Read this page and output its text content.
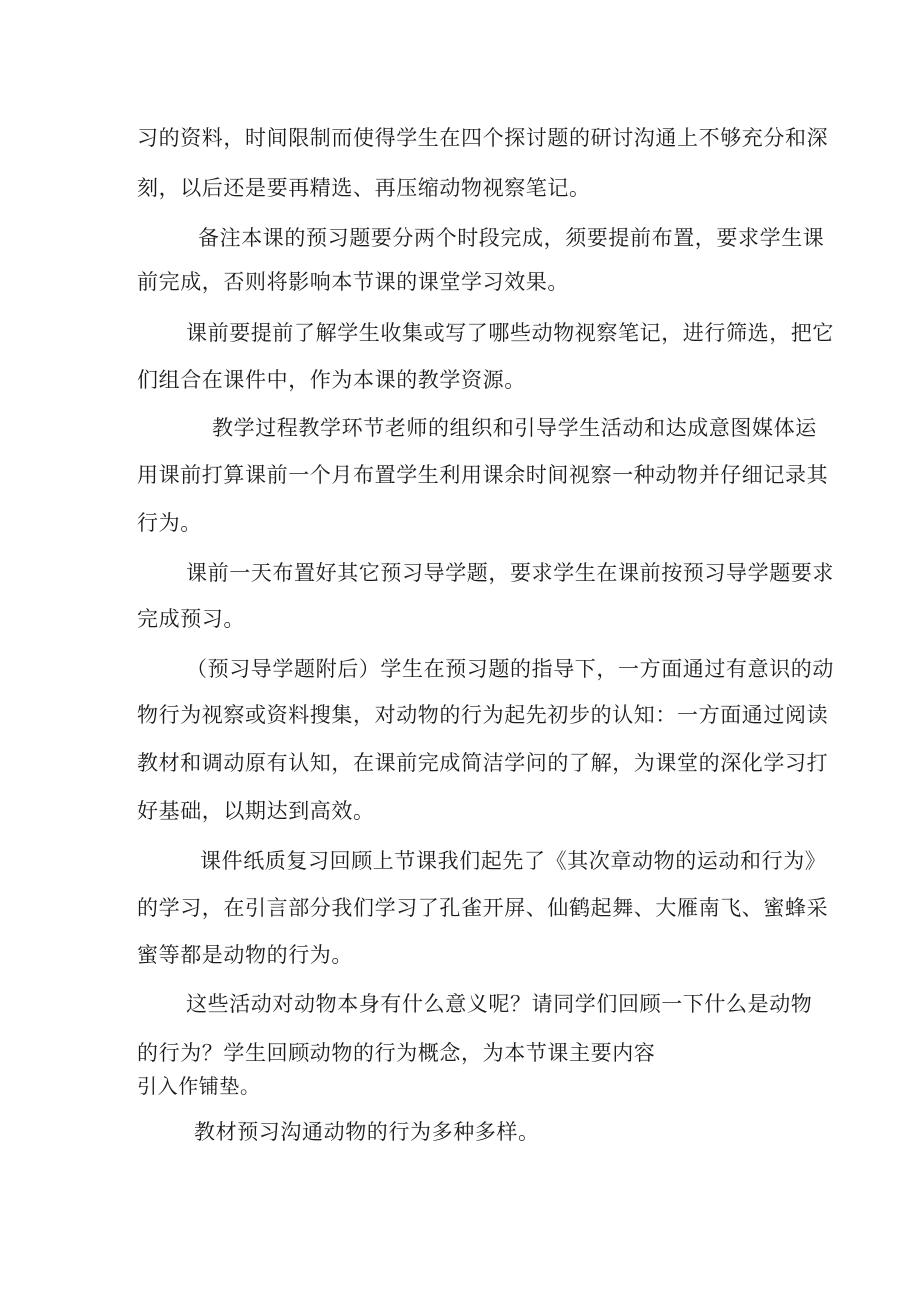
习的资料，时间限制而使得学生在四个探讨题的研讨沟通上不够充分和深

刻，以后还是要再精选、再压缩动物视察笔记。

备注本课的预习题要分两个时段完成，须要提前布置，要求学生课

前完成，否则将影响本节课的课堂学习效果。

课前要提前了解学生收集或写了哪些动物视察笔记，进行筛选，把它

们组合在课件中，作为本课的教学资源。

教学过程教学环节老师的组织和引导学生活动和达成意图媒体运

用课前打算课前一个月布置学生利用课余时间视察一种动物并仔细记录其

行为。

课前一天布置好其它预习导学题，要求学生在课前按预习导学题要求

完成预习。

（预习导学题附后）学生在预习题的指导下，一方面通过有意识的动

物行为视察或资料搜集，对动物的行为起先初步的认知：一方面通过阅读

教材和调动原有认知，在课前完成简洁学问的了解，为课堂的深化学习打

好基础，以期达到高效。

课件纸质复习回顾上节课我们起先了《其次章动物的运动和行为》

的学习，在引言部分我们学习了孔雀开屏、仙鹤起舞、大雁南飞、蜜蜂采

蜜等都是动物的行为。

这些活动对动物本身有什么意义呢？请同学们回顾一下什么是动物

的行为？学生回顾动物的行为概念，为本节课主要内容

引入作铺垫。

教材预习沟通动物的行为多种多样。
